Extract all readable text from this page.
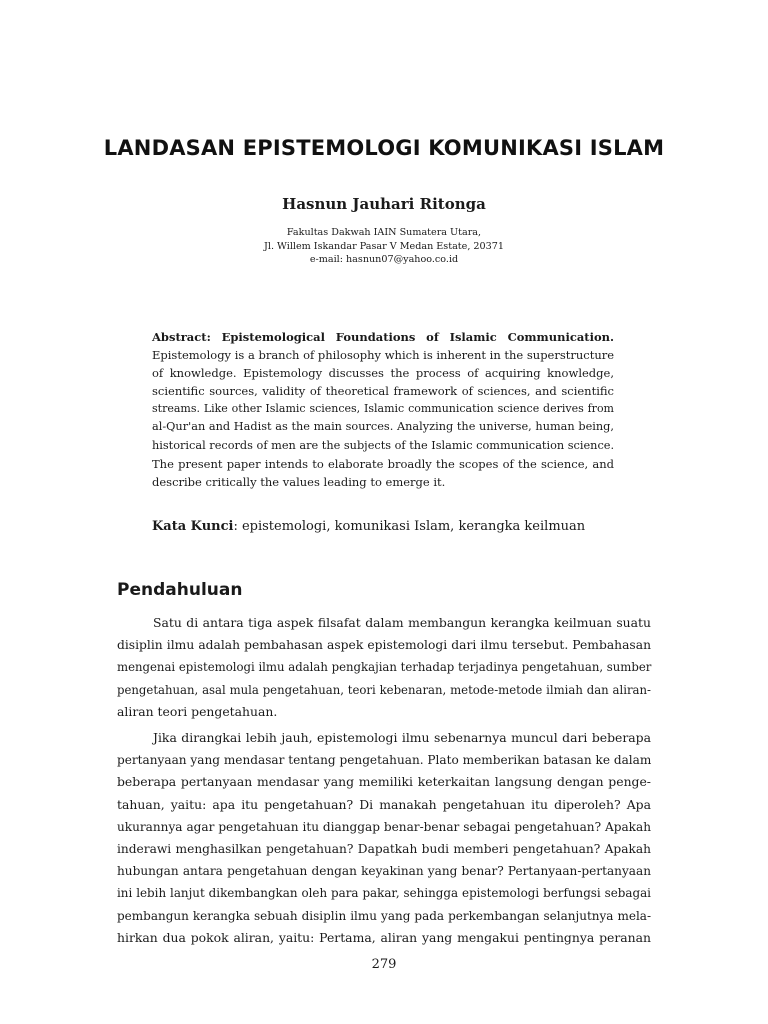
LANDASAN EPISTEMOLOGI KOMUNIKASI ISLAM
Hasnun Jauhari Ritonga
Fakultas Dakwah IAIN Sumatera Utara,
Jl. Willem Iskandar Pasar V Medan Estate, 20371
e-mail: hasnun07@yahoo.co.id
Abstract: Epistemological Foundations of Islamic Communication.
Epistemology is a branch of philosophy which is inherent in the superstructure
of knowledge. Epistemology discusses the process of acquiring knowledge,
scientific sources, validity of theoretical framework of sciences, and scientific
streams. Like other Islamic sciences, Islamic communication science derives from
al-Qur'an and Hadist as the main sources. Analyzing the universe, human being,
historical records of men are the subjects of the Islamic communication science.
The present paper intends to elaborate broadly the scopes of the science, and
describe critically the values leading to emerge it.
Kata Kunci: epistemologi, komunikasi Islam, kerangka keilmuan
Pendahuluan
Satu di antara tiga aspek filsafat dalam membangun kerangka keilmuan suatu
disiplin ilmu adalah pembahasan aspek epistemologi dari ilmu tersebut. Pembahasan
mengenai epistemologi ilmu adalah pengkajian terhadap terjadinya pengetahuan, sumber
pengetahuan, asal mula pengetahuan, teori kebenaran, metode-metode ilmiah dan aliran-
aliran teori pengetahuan.
Jika dirangkai lebih jauh, epistemologi ilmu sebenarnya muncul dari beberapa
pertanyaan yang mendasar tentang pengetahuan. Plato memberikan batasan ke dalam
beberapa pertanyaan mendasar yang memiliki keterkaitan langsung dengan penge-
tahuan, yaitu: apa itu pengetahuan? Di manakah pengetahuan itu diperoleh? Apa
ukurannya agar pengetahuan itu dianggap benar-benar sebagai pengetahuan? Apakah
inderawi menghasilkan pengetahuan? Dapatkah budi memberi pengetahuan? Apakah
hubungan antara pengetahuan dengan keyakinan yang benar? Pertanyaan-pertanyaan
ini lebih lanjut dikembangkan oleh para pakar, sehingga epistemologi berfungsi sebagai
pembangun kerangka sebuah disiplin ilmu yang pada perkembangan selanjutnya mela-
hirkan dua pokok aliran, yaitu: Pertama, aliran yang mengakui pentingnya peranan
279
